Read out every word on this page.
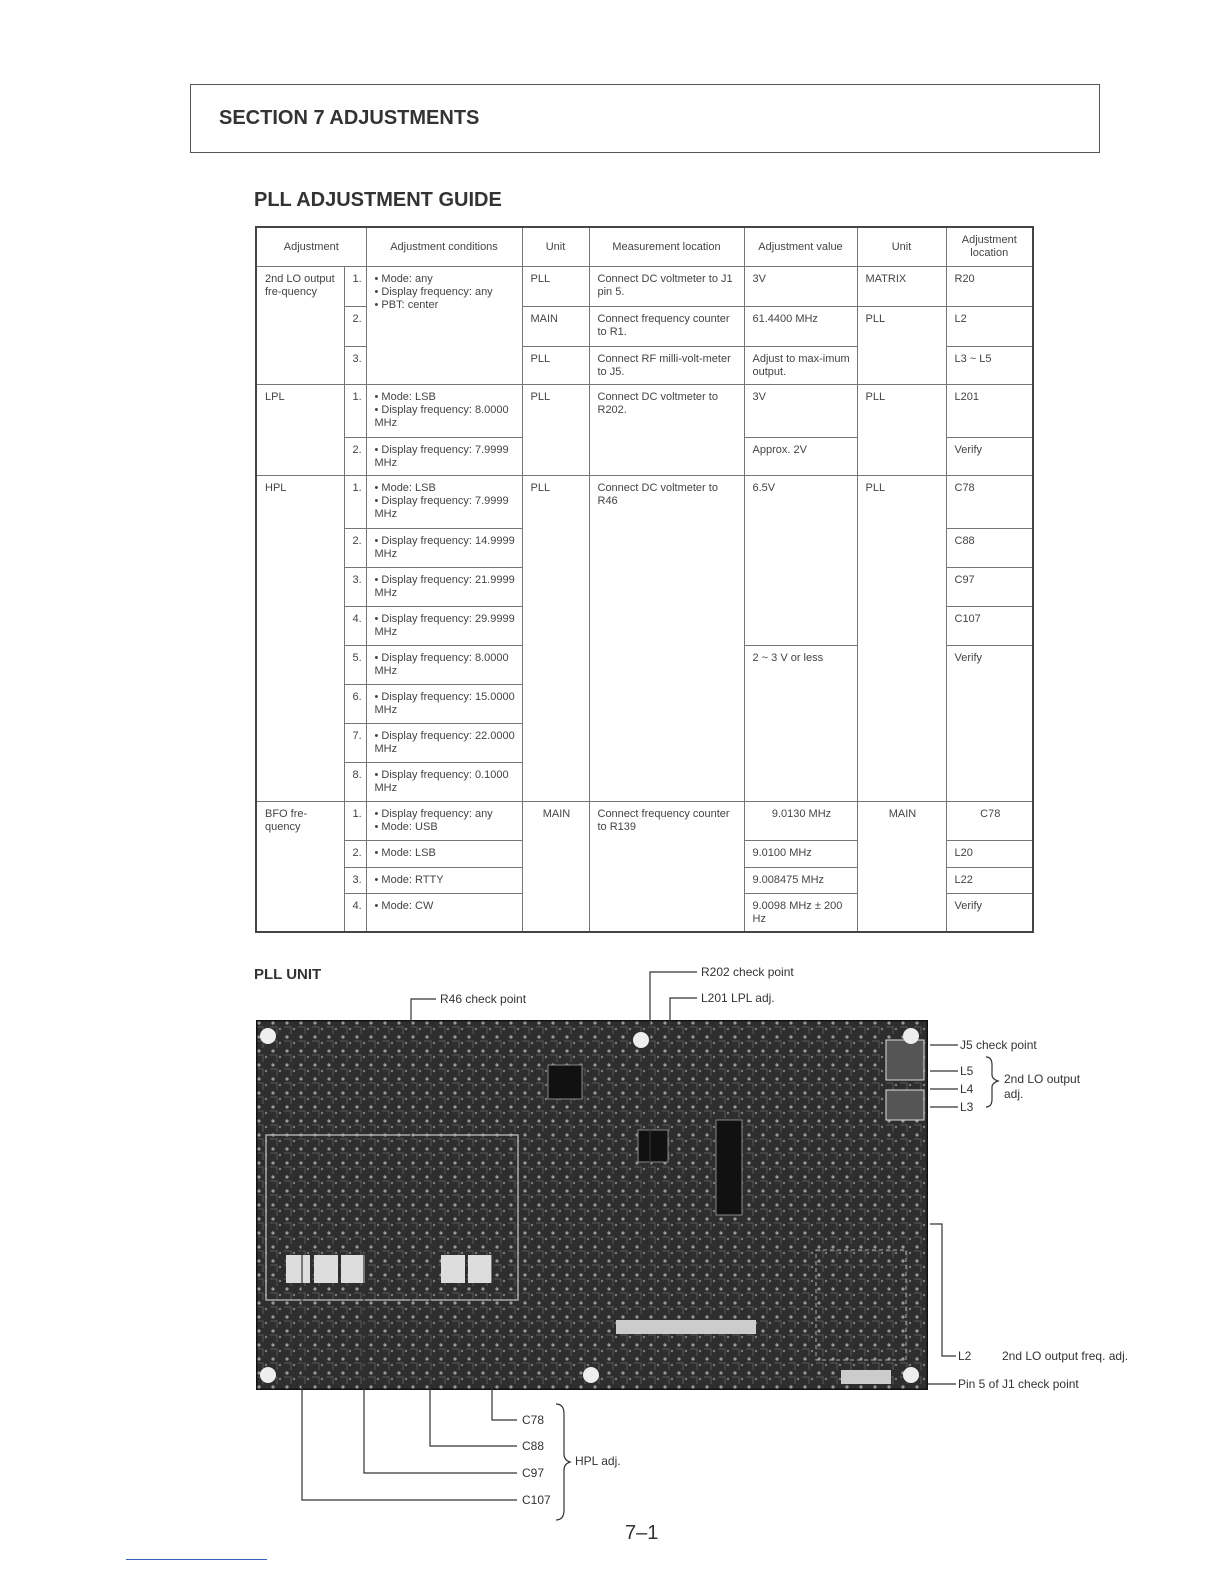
SECTION 7 ADJUSTMENTS
PLL ADJUSTMENT GUIDE
Adjustment		Adjustment conditions	Unit	Measurement location	Adjustment value	Unit	Adjustment location
2nd LO output fre-quency	1.	• Mode: any
• Display frequency: any
• PBT: center	PLL	Connect DC voltmeter to J1 pin 5.	3V	MATRIX	R20
	2.		MAIN	Connect frequency counter to R1.	61.4400 MHz	PLL	L2
	3.		PLL	Connect RF milli-volt-meter to J5.	Adjust to max-imum output.		L3 ~ L5
LPL	1.	• Mode: LSB
• Display frequency: 8.0000 MHz	PLL	Connect DC voltmeter to R202.	3V	PLL	L201
	2.	• Display frequency: 7.9999 MHz			Approx. 2V		Verify
HPL	1.	• Mode: LSB
• Display frequency: 7.9999 MHz	PLL	Connect DC voltmeter to R46	6.5V	PLL	C78
	2.	• Display frequency: 14.9999 MHz					C88
	3.	• Display frequency: 21.9999 MHz					C97
	4.	• Display frequency: 29.9999 MHz					C107
	5.	• Display frequency: 8.0000 MHz			2 ~ 3 V or less		Verify
	6.	• Display frequency: 15.0000 MHz					

	7.	• Display frequency: 22.0000 MHz					

	8.	• Display frequency: 0.1000 MHz					

BFO fre-quency	1.	• Display frequency: any
• Mode: USB	MAIN	Connect frequency counter to R139	9.0130 MHz	MAIN	C78
	2.	• Mode: LSB			9.0100 MHz		L20
	3.	• Mode: RTTY			9.008475 MHz		L22
	4.	• Mode: CW			9.0098 MHz ± 200 Hz		Verify
PLL UNIT	R202 check point
R46 check point	L201 LPL adj.
J5 check point
L5
L4
L3
2nd LO output adj.
L2	2nd LO output freq. adj.
Pin 5 of J1 check point
C78
C88
C97
C107
HPL adj.
7–1
